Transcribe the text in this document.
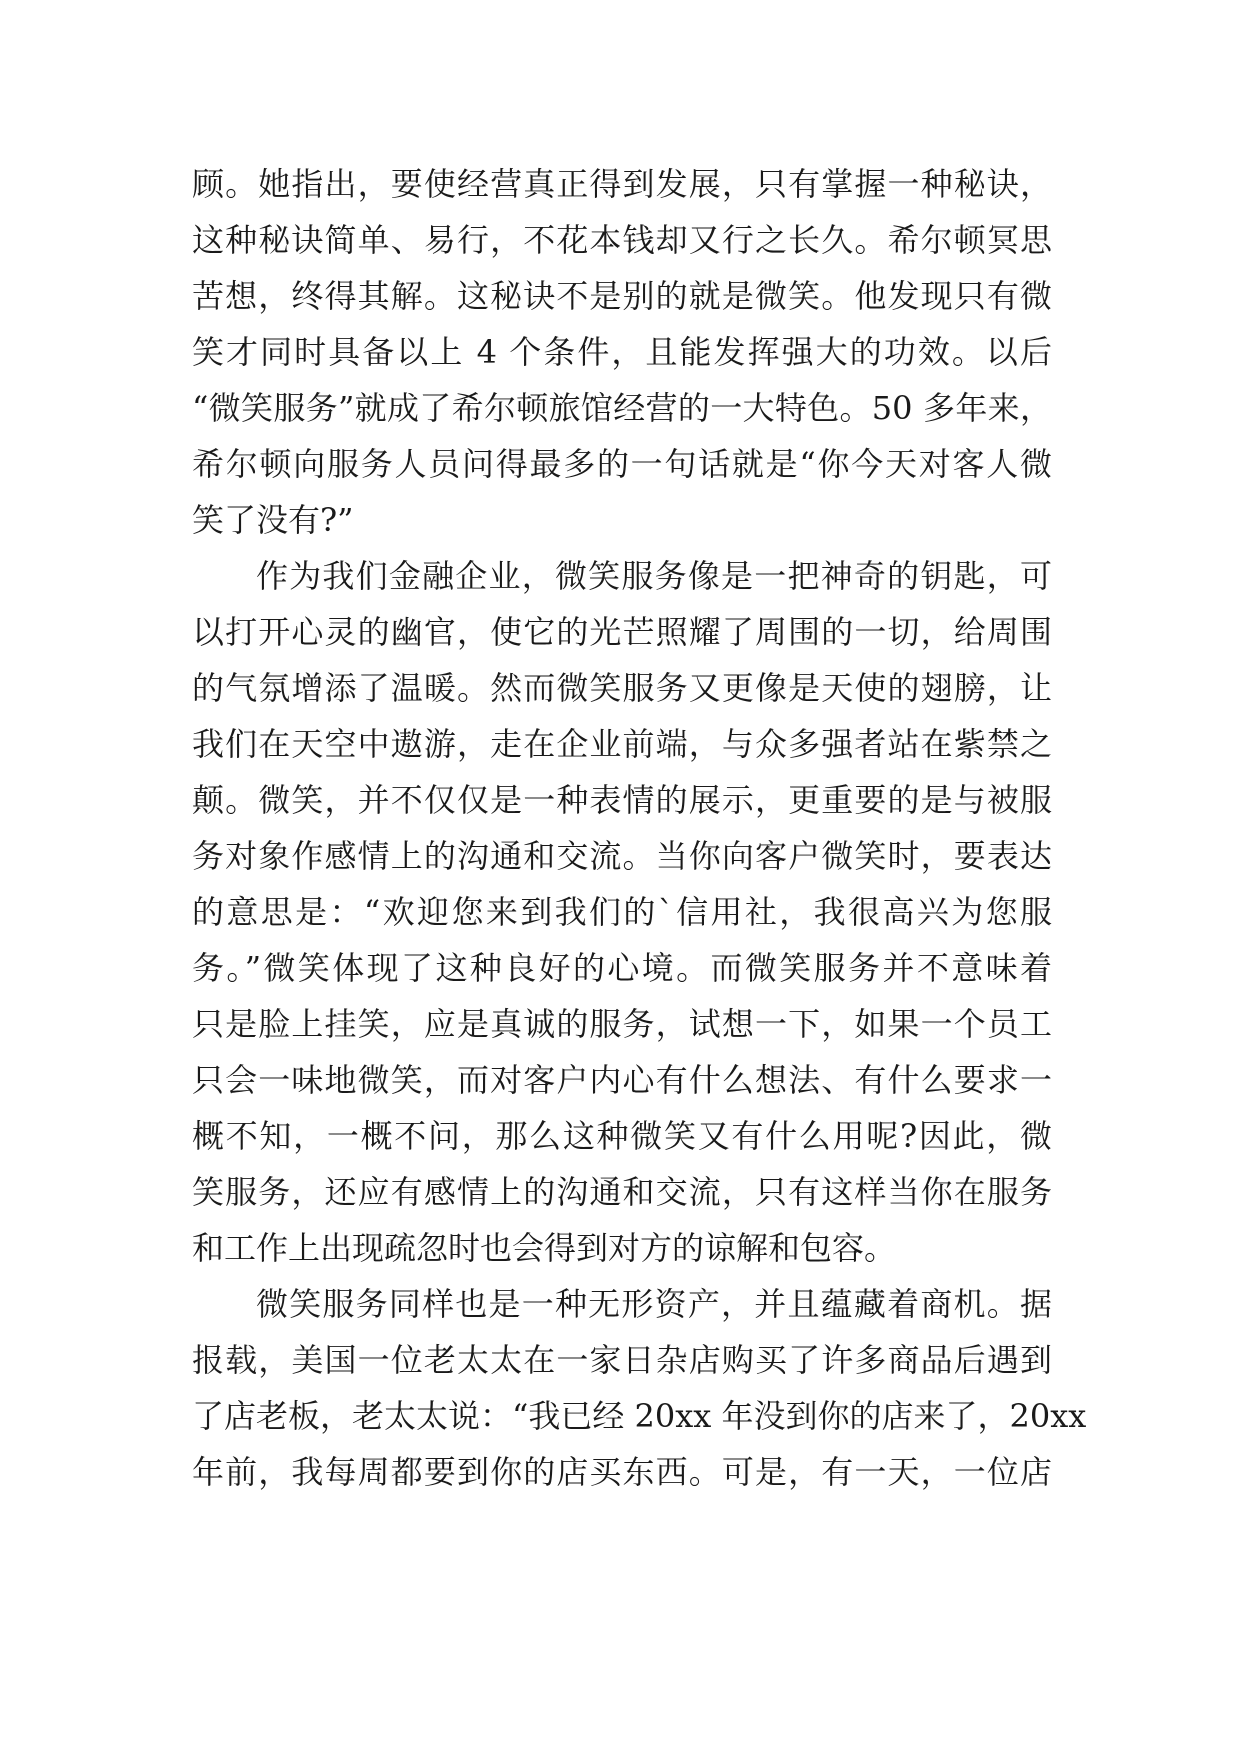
顾。她指出，要使经营真正得到发展，只有掌握一种秘诀，
这种秘诀简单、易行，不花本钱却又行之长久。希尔顿冥思
苦想，终得其解。这秘诀不是别的就是微笑。他发现只有微
笑才同时具备以上 4 个条件，且能发挥强大的功效。以后
“微笑服务”就成了希尔顿旅馆经营的一大特色。50 多年来，
希尔顿向服务人员问得最多的一句话就是“你今天对客人微
笑了没有?”
作为我们金融企业，微笑服务像是一把神奇的钥匙，可
以打开心灵的幽官，使它的光芒照耀了周围的一切，给周围
的气氛增添了温暖。然而微笑服务又更像是天使的翅膀，让
我们在天空中遨游，走在企业前端，与众多强者站在紫禁之
颠。微笑，并不仅仅是一种表情的展示，更重要的是与被服
务对象作感情上的沟通和交流。当你向客户微笑时，要表达
的意思是：“欢迎您来到我们的`信用社，我很高兴为您服
务。”微笑体现了这种良好的心境。而微笑服务并不意味着
只是脸上挂笑，应是真诚的服务，试想一下，如果一个员工
只会一味地微笑，而对客户内心有什么想法、有什么要求一
概不知，一概不问，那么这种微笑又有什么用呢?因此，微
笑服务，还应有感情上的沟通和交流，只有这样当你在服务
和工作上出现疏忽时也会得到对方的谅解和包容。
微笑服务同样也是一种无形资产，并且蕴藏着商机。据
报载，美国一位老太太在一家日杂店购买了许多商品后遇到
了店老板，老太太说：“我已经 20xx 年没到你的店来了，20xx
年前，我每周都要到你的店买东西。可是，有一天，一位店
